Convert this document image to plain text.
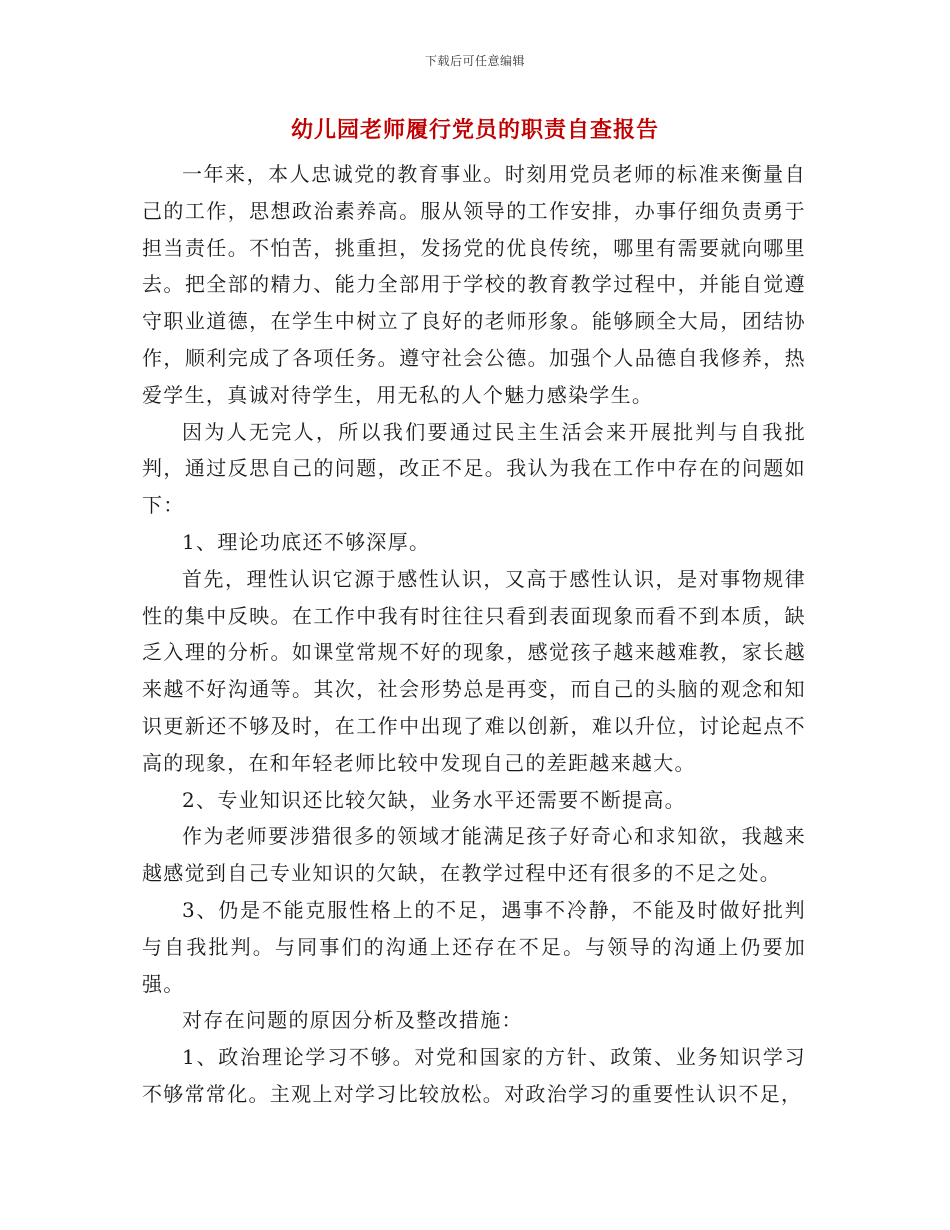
下载后可任意编辑
幼儿园老师履行党员的职责自查报告

一年来，本人忠诚党的教育事业。时刻用党员老师的标准来衡量自己的工作，思想政治素养高。服从领导的工作安排，办事仔细负责勇于担当责任。不怕苦，挑重担，发扬党的优良传统，哪里有需要就向哪里去。把全部的精力、能力全部用于学校的教育教学过程中，并能自觉遵守职业道德，在学生中树立了良好的老师形象。能够顾全大局，团结协作，顺利完成了各项任务。遵守社会公德。加强个人品德自我修养，热爱学生，真诚对待学生，用无私的人个魅力感染学生。

因为人无完人，所以我们要通过民主生活会来开展批判与自我批判，通过反思自己的问题，改正不足。我认为我在工作中存在的问题如下：

1、理论功底还不够深厚。

首先，理性认识它源于感性认识，又高于感性认识，是对事物规律性的集中反映。在工作中我有时往往只看到表面现象而看不到本质，缺乏入理的分析。如课堂常规不好的现象，感觉孩子越来越难教，家长越来越不好沟通等。其次，社会形势总是再变，而自己的头脑的观念和知识更新还不够及时，在工作中出现了难以创新，难以升位，讨论起点不高的现象，在和年轻老师比较中发现自己的差距越来越大。

2、专业知识还比较欠缺，业务水平还需要不断提高。

作为老师要涉猎很多的领域才能满足孩子好奇心和求知欲，我越来越感觉到自己专业知识的欠缺，在教学过程中还有很多的不足之处。

3、仍是不能克服性格上的不足，遇事不冷静，不能及时做好批判与自我批判。与同事们的沟通上还存在不足。与领导的沟通上仍要加强。

对存在问题的原因分析及整改措施：

1、政治理论学习不够。对党和国家的方针、政策、业务知识学习不够常常化。主观上对学习比较放松。对政治学习的重要性认识不足，
